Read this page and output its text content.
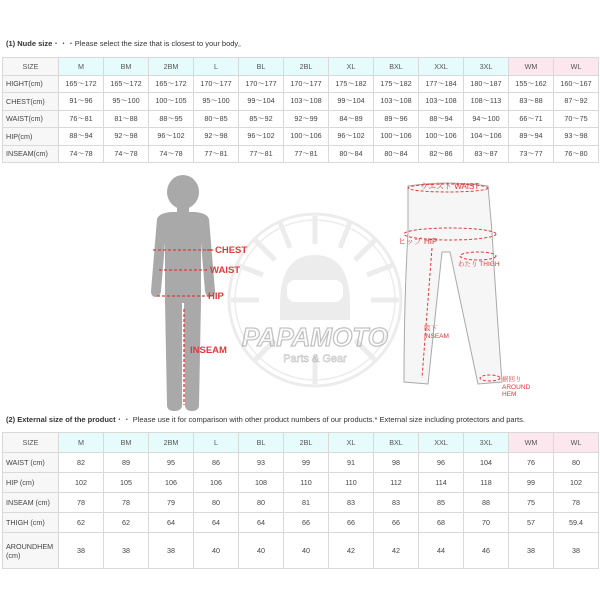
(1) Nude size・・・Please select the size that is closest to your body。
SIZE	M	BM	2BM	L	BL	2BL	XL	BXL	XXL	3XL	WM	WL
HIGHT(cm)	165～172	165～172	165～172	170～177	170～177	170～177	175～182	175～182	177～184	180～187	155～162	160～167
CHEST(cm)	91～96	95～100	100～105	95～100	99～104	103～108	99～104	103～108	103～108	108～113	83～88	87～92
WAIST(cm)	76～81	81～88	88～95	80～85	85～92	92～99	84～89	89～96	88～94	94～100	66～71	70～75
HIP(cm)	88～94	92～98	96～102	92～98	96～102	100～106	96～102	100～106	100～106	104～106	89～94	93～98
INSEAM(cm)	74～78	74～78	74～78	77～81	77～81	77～81	80～84	80～84	82～86	83～87	73～77	76～80
PAPAMOTO
Parts & Gear
CHEST
WAIST
HIP
INSEAM
ウエスト WAIST
ヒップ HIP
わたり THIGH
股下
INSEAM
裾回り
AROUND
HEM
(2) External size of the product・・ Please use it for comparison with other product numbers of our products.* External size including protectors and parts.
SIZE	M	BM	2BM	L	BL	2BL	XL	BXL	XXL	3XL	WM	WL
WAIST (cm)	82	89	95	86	93	99	91	98	96	104	76	80
HIP (cm)	102	105	106	106	108	110	110	112	114	118	99	102
INSEAM (cm)	78	78	79	80	80	81	83	83	85	88	75	78
THIGH (cm)	62	62	64	64	64	66	66	66	68	70	57	59.4

AROUNDHEM
(cm)	38	38	38	40	40	40	42	42	44	46	38	38
